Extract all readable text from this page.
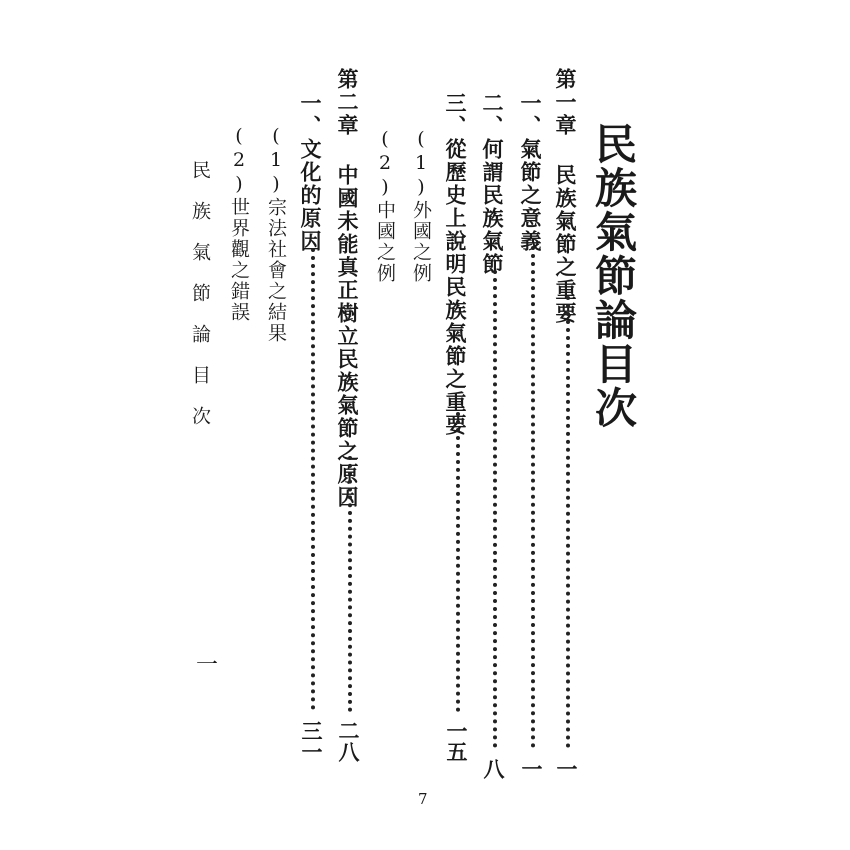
民族氣節論目次
第一章 民族氣節之重要
一
一、氣節之意義
一
二、何謂民族氣節
八
三、從歷史上說明民族氣節之重要
一五
(1)外國之例
(2)中國之例
第二章 中國未能真正樹立民族氣節之原因
二八
一、文化的原因
三一
(1)宗法社會之結果
(2)世界觀之錯誤
民族氣節論目次
一
7
